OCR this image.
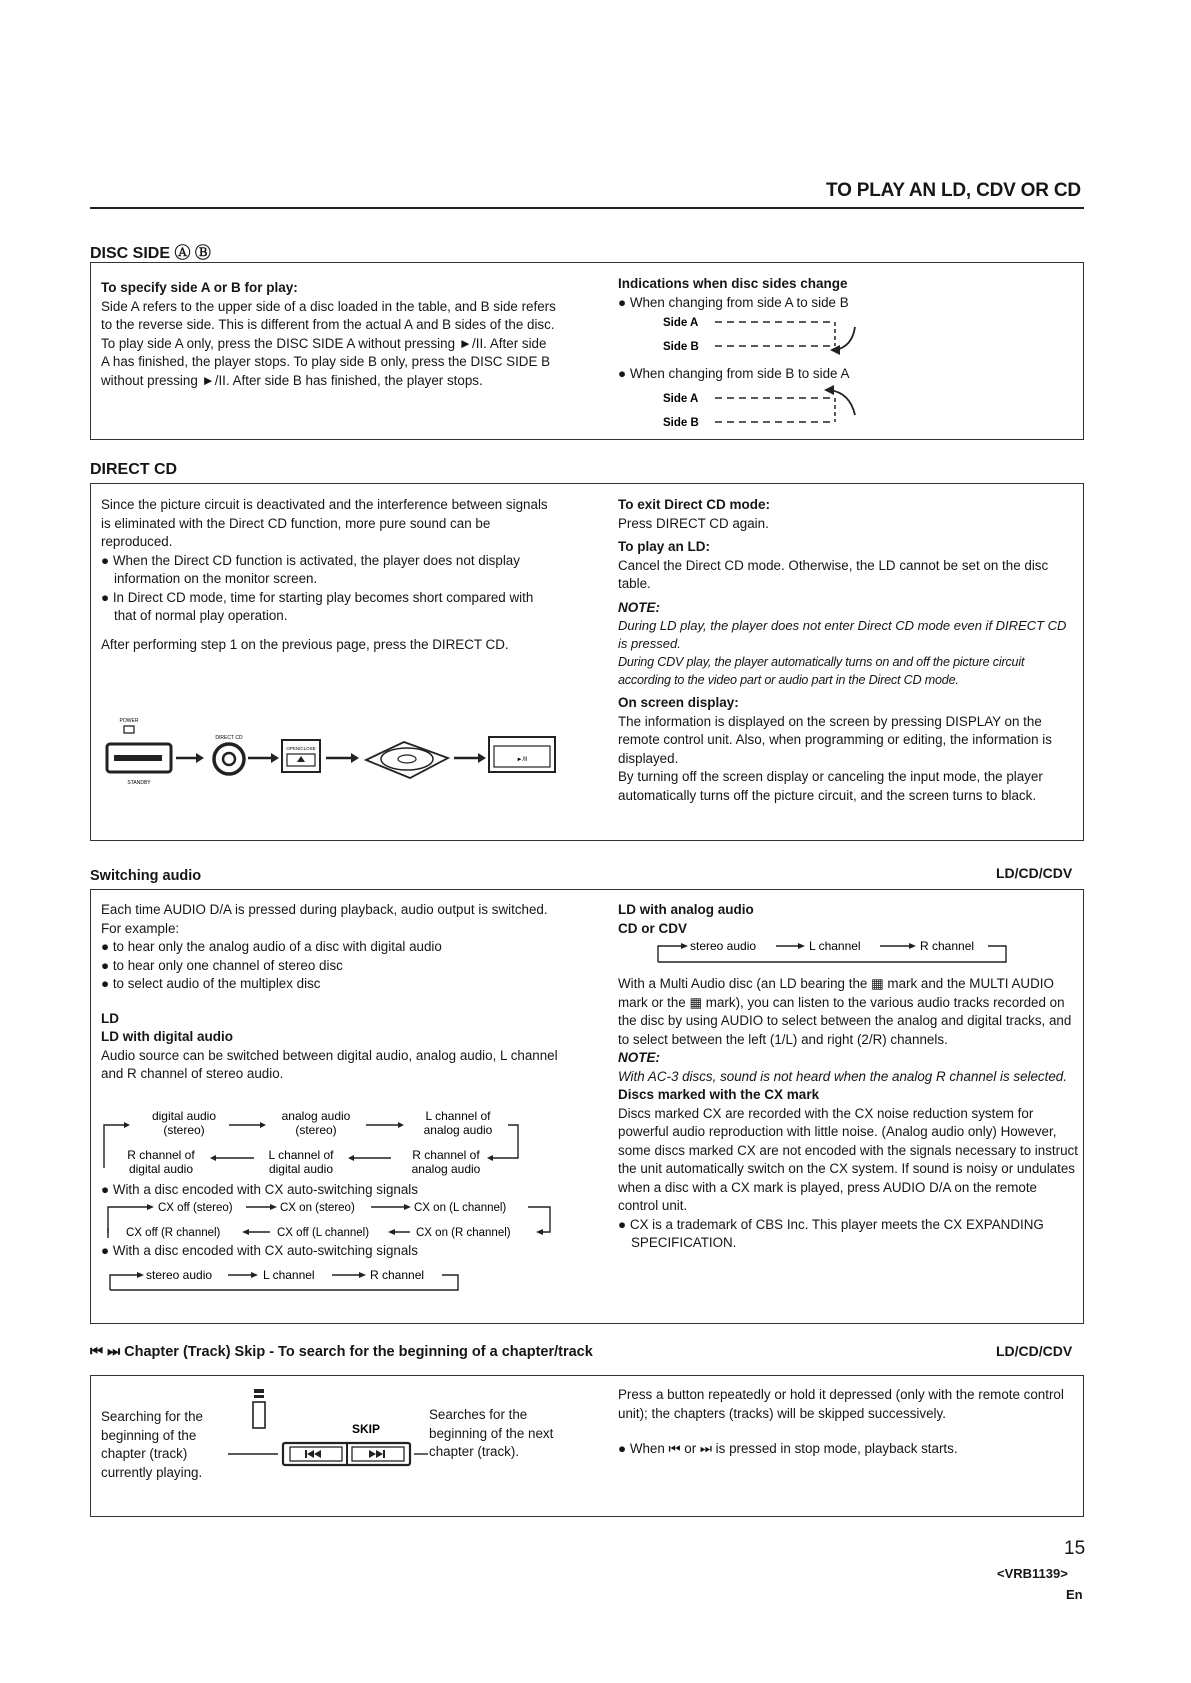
TO PLAY AN LD, CDV OR CD
DISC SIDE Ⓐ Ⓑ

To specify side A or B for play:

Side A refers to the upper side of a disc loaded in the table, and B side refers to the reverse side. This is different from the actual A and B sides of the disc.

To play side A only, press the DISC SIDE A without pressing ►/II. After side A has finished, the player stops. To play side B only, press the DISC SIDE B without pressing ►/II. After side B has finished, the player stops.

Indications when disc sides change

● When changing from side A to side B

Side A
Side B

● When changing from side B to side A

Side A
Side B
DIRECT CD

Since the picture circuit is deactivated and the interference between signals is eliminated with the Direct CD function, more pure sound can be reproduced.

● When the Direct CD function is activated, the player does not display information on the monitor screen.

● In Direct CD mode, time for starting play becomes short compared with that of normal play operation.

After performing step 1 on the previous page, press the DIRECT CD.

POWER
STANDBY
DIRECT CD
OPEN/CLOSE
►/II

To exit Direct CD mode:

Press DIRECT CD again.

To play an LD:

Cancel the Direct CD mode. Otherwise, the LD cannot be set on the disc table.

NOTE:

During LD play, the player does not enter Direct CD mode even if DIRECT CD is pressed.

During CDV play, the player automatically turns on and off the picture circuit according to the video part or audio part in the Direct CD mode.

On screen display:

The information is displayed on the screen by pressing DISPLAY on the remote control unit. Also, when programming or editing, the information is displayed.

By turning off the screen display or canceling the input mode, the player automatically turns off the picture circuit, and the screen turns to black.

Switching audio	LD/CD/CDV

Each time AUDIO D/A is pressed during playback, audio output is switched.

For example:

● to hear only the analog audio of a disc with digital audio

● to hear only one channel of stereo disc

● to select audio of the multiplex disc

LD

LD with digital audio

Audio source can be switched between digital audio, analog audio, L channel and R channel of stereo audio.

digital audio
(stereo)
analog audio
(stereo)
L channel of
analog audio
R channel of
digital audio
L channel of
digital audio
R channel of
analog audio

● With a disc encoded with CX auto-switching signals

CX off (stereo)	CX on (stereo)	CX on (L channel)
CX off (R channel)	CX off (L channel)	CX on (R channel)

● With a disc encoded with CX auto-switching signals

stereo audio	L channel	R channel

LD with analog audio

CD or CDV

stereo audio	L channel	R channel

With a Multi Audio disc (an LD bearing the ▦ mark and the MULTI AUDIO mark or the ▦ mark), you can listen to the various audio tracks recorded on the disc by using AUDIO to select between the analog and digital tracks, and to select between the left (1/L) and right (2/R) channels.

NOTE:

With AC-3 discs, sound is not heard when the analog R channel is selected.

Discs marked with the CX mark

Discs marked CX are recorded with the CX noise reduction system for powerful audio reproduction with little noise. (Analog audio only) However, some discs marked CX are not encoded with the signals necessary to instruct the unit automatically switch on the CX system. If sound is noisy or undulates when a disc with a CX mark is played, press AUDIO D/A on the remote control unit.

● CX is a trademark of CBS Inc. This player meets the CX EXPANDING SPECIFICATION.

⏮ ⏭ Chapter (Track) Skip - To search for the beginning of a chapter/track	LD/CD/CDV
Searching for the beginning of the chapter (track) currently playing.
SKIP
Searches for the beginning of the next chapter (track).

Press a button repeatedly or hold it depressed (only with the remote control unit); the chapters (tracks) will be skipped successively.

● When ⏮ or ⏭ is pressed in stop mode, playback starts.

15
<VRB1139>
En
